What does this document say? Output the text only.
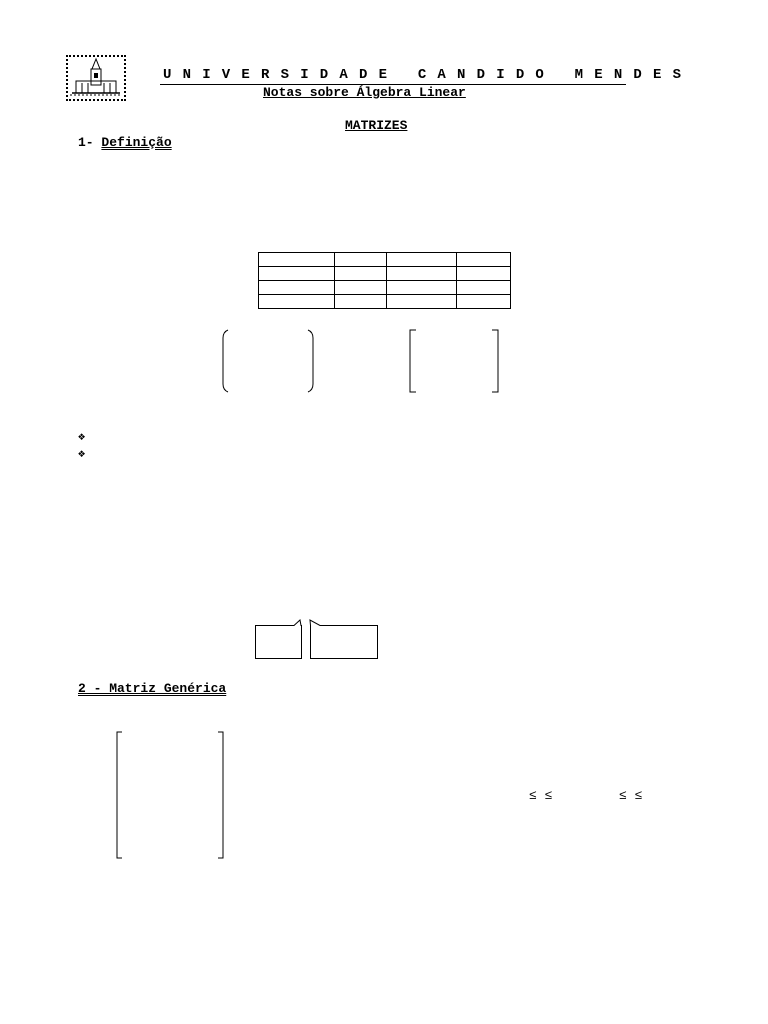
UNIVERSIDADE CANDIDO MENDES
Notas sobre Álgebra Linear
MATRIZES
1- Definição

❖
❖
2 - Matriz Genérica
≤ ≤	≤ ≤
